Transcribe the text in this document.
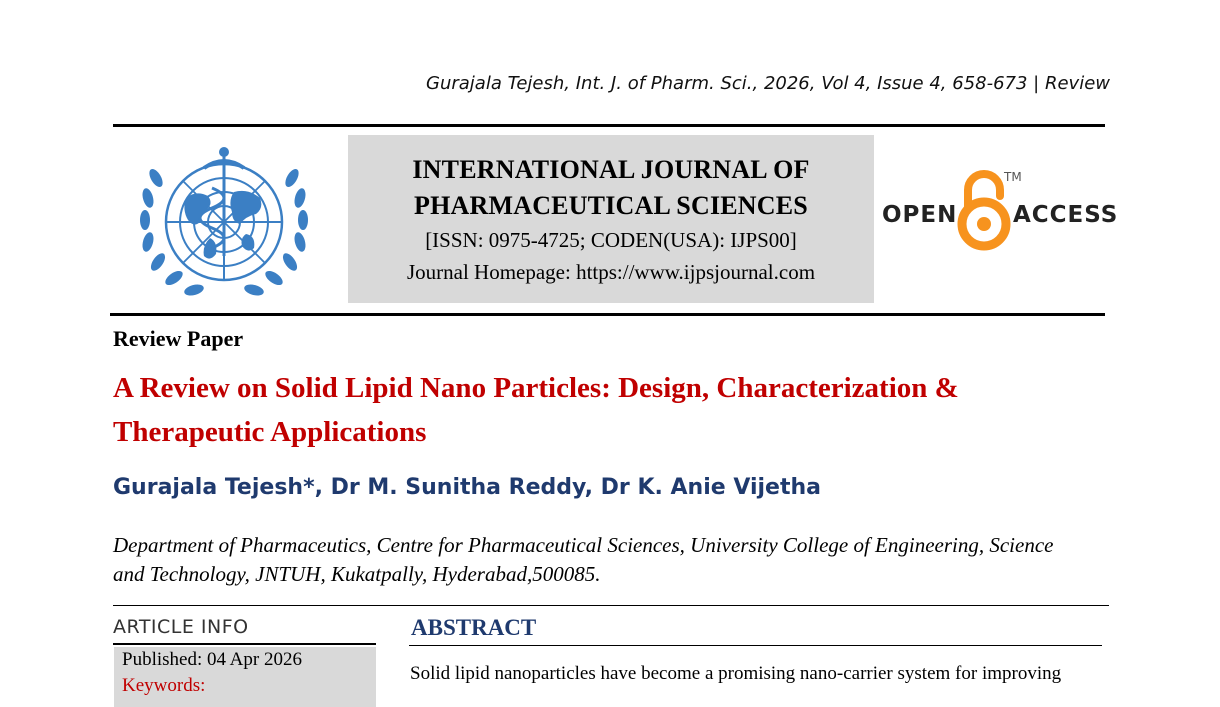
Gurajala Tejesh, Int. J. of Pharm. Sci., 2026, Vol 4, Issue 4, 658-673 | Review
INTERNATIONAL JOURNAL OF
PHARMACEUTICAL SCIENCES
[ISSN: 0975-4725; CODEN(USA): IJPS00]
Journal Homepage: https://www.ijpsjournal.com
OPEN
TM
ACCESS
Review Paper
A Review on Solid Lipid Nano Particles: Design, Characterization &
Therapeutic Applications
Gurajala Tejesh*, Dr M. Sunitha Reddy, Dr K. Anie Vijetha
Department of Pharmaceutics, Centre for Pharmaceutical Sciences, University College of Engineering, Science
and Technology, JNTUH, Kukatpally, Hyderabad,500085.
ARTICLE INFO
Published: 04 Apr 2026
Keywords:
ABSTRACT
Solid lipid nanoparticles have become a promising nano-carrier system for improving
